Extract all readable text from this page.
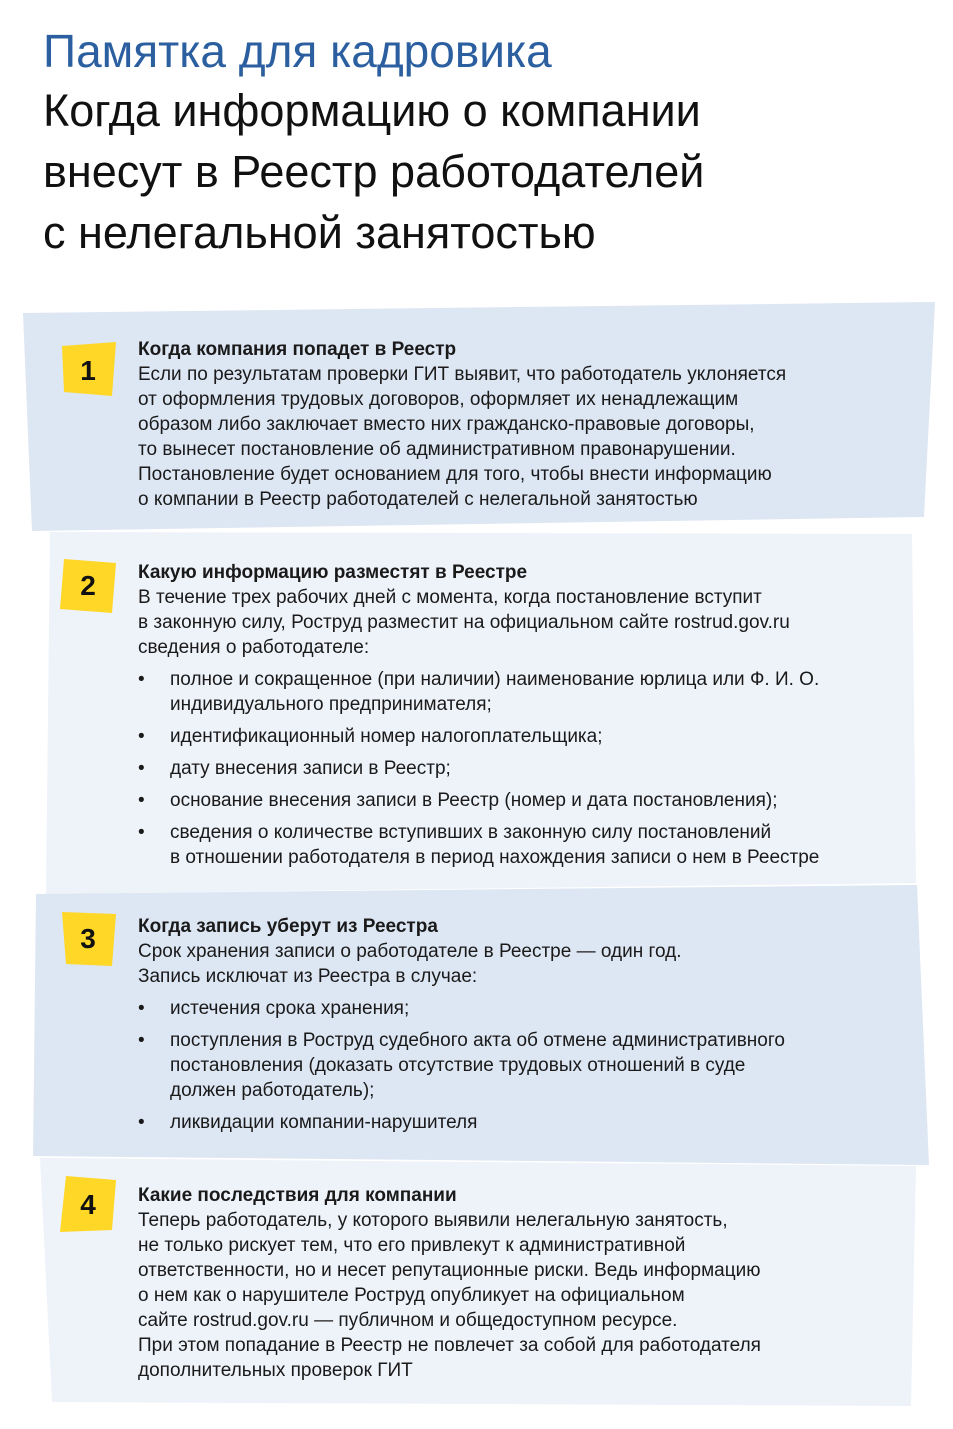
Памятка для кадровика

Когда информацию о компании
внесут в Реестр работодателей
с нелегальной занятостью
1
2
3
4

Когда компания попадет в Реестр

Если по результатам проверки ГИТ выявит, что работодатель уклоняется
от оформления трудовых договоров, оформляет их ненадлежащим
образом либо заключает вместо них гражданско-правовые договоры,
то вынесет постановление об административном правонарушении.
Постановление будет основанием для того, чтобы внести информацию
о компании в Реестр работодателей с нелегальной занятостью

Какую информацию разместят в Реестре

В течение трех рабочих дней с момента, когда постановление вступит
в законную силу, Роструд разместит на официальном сайте rostrud.gov.ru
сведения о работодателе:

• полное и сокращенное (при наличии) наименование юрлица или Ф. И. О.
индивидуального предпринимателя;
• идентификационный номер налогоплательщика;
• дату внесения записи в Реестр;
• основание внесения записи в Реестр (номер и дата постановления);
• сведения о количестве вступивших в законную силу постановлений
в отношении работодателя в период нахождения записи о нем в Реестре

Когда запись уберут из Реестра

Срок хранения записи о работодателе в Реестре — один год.
Запись исключат из Реестра в случае:

• истечения срока хранения;
• поступления в Роструд судебного акта об отмене административного
постановления (доказать отсутствие трудовых отношений в суде
должен работодатель);
• ликвидации компании-нарушителя

Какие последствия для компании

Теперь работодатель, у которого выявили нелегальную занятость,
не только рискует тем, что его привлекут к административной
ответственности, но и несет репутационные риски. Ведь информацию
о нем как о нарушителе Роструд опубликует на официальном
сайте rostrud.gov.ru — публичном и общедоступном ресурсе.
При этом попадание в Реестр не повлечет за собой для работодателя
дополнительных проверок ГИТ
